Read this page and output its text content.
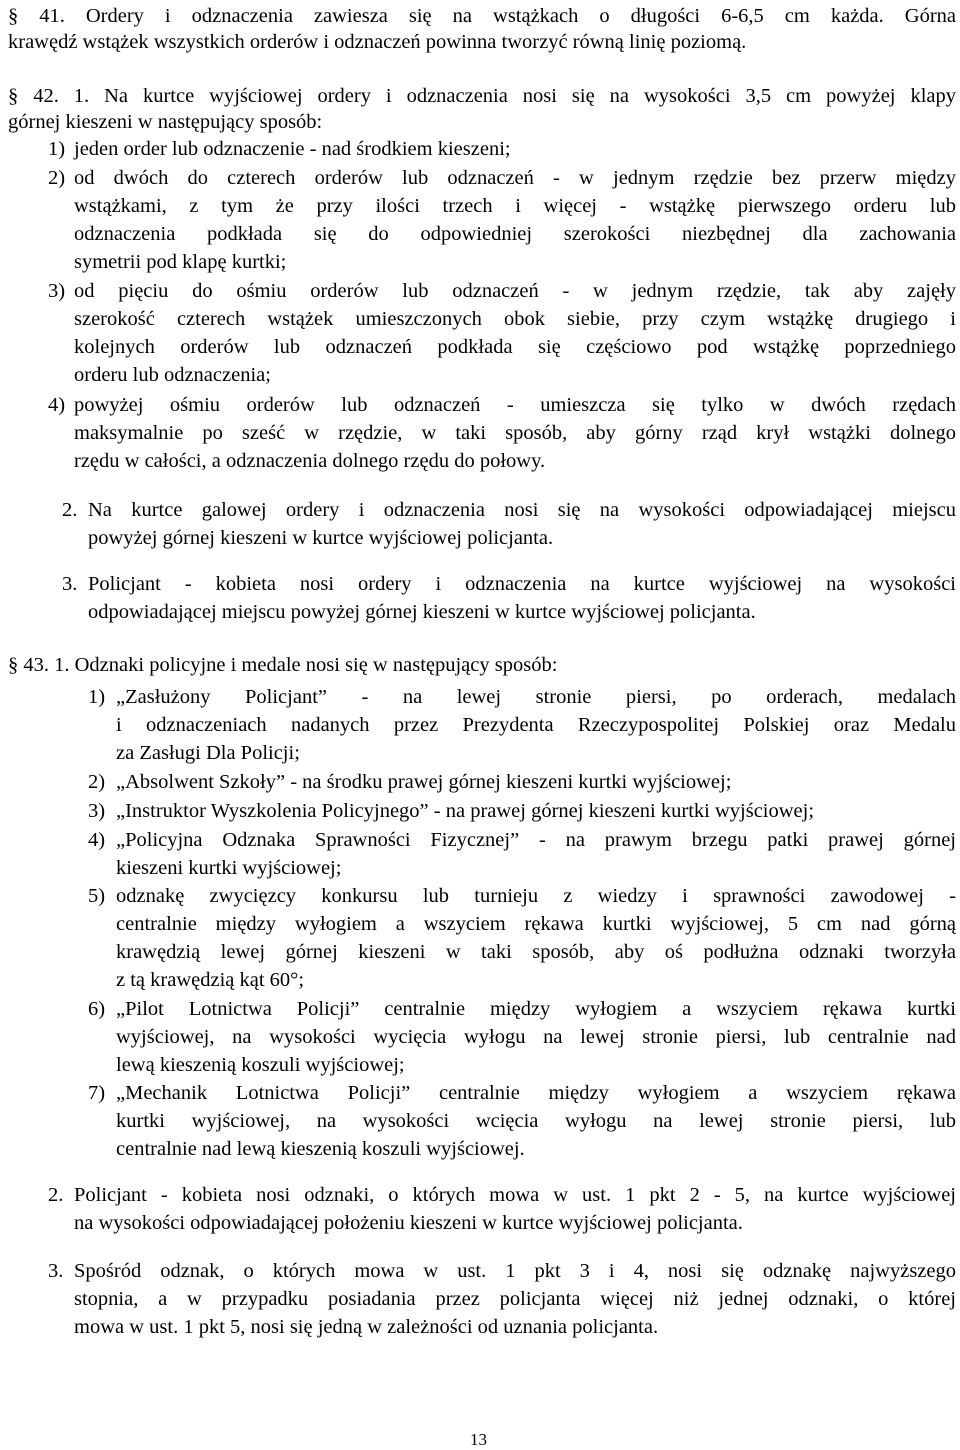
§ 41. Ordery i odznaczenia zawiesza się na wstążkach o długości 6-6,5 cm każda. Górna
krawędź wstążek wszystkich orderów i odznaczeń powinna tworzyć równą linię poziomą.
§ 42. 1. Na kurtce wyjściowej ordery i odznaczenia nosi się na wysokości 3,5 cm powyżej klapy
górnej kieszeni w następujący sposób:
1) jeden order lub odznaczenie - nad środkiem kieszeni;
2) od dwóch do czterech orderów lub odznaczeń - w jednym rzędzie bez przerw między
wstążkami, z tym że przy ilości trzech i więcej - wstążkę pierwszego orderu lub
odznaczenia podkłada się do odpowiedniej szerokości niezbędnej dla zachowania
symetrii pod klapę kurtki;
3) od pięciu do ośmiu orderów lub odznaczeń - w jednym rzędzie, tak aby zajęły
szerokość czterech wstążek umieszczonych obok siebie, przy czym wstążkę drugiego i
kolejnych orderów lub odznaczeń podkłada się częściowo pod wstążkę poprzedniego
orderu lub odznaczenia;
4) powyżej ośmiu orderów lub odznaczeń - umieszcza się tylko w dwóch rzędach
maksymalnie po sześć w rzędzie, w taki sposób, aby górny rząd krył wstążki dolnego
rzędu w całości, a odznaczenia dolnego rzędu do połowy.
2. Na kurtce galowej ordery i odznaczenia nosi się na wysokości odpowiadającej miejscu
powyżej górnej kieszeni w kurtce wyjściowej policjanta.
3. Policjant - kobieta nosi ordery i odznaczenia na kurtce wyjściowej na wysokości
odpowiadającej miejscu powyżej górnej kieszeni w kurtce wyjściowej policjanta.
§ 43. 1. Odznaki policyjne i medale nosi się w następujący sposób:
1) „Zasłużony Policjant” - na lewej stronie piersi, po orderach, medalach
i odznaczeniach nadanych przez Prezydenta Rzeczypospolitej Polskiej oraz Medalu
za Zasługi Dla Policji;
2) „Absolwent Szkoły” - na środku prawej górnej kieszeni kurtki wyjściowej;
3) „Instruktor Wyszkolenia Policyjnego” - na prawej górnej kieszeni kurtki wyjściowej;
4) „Policyjna Odznaka Sprawności Fizycznej” - na prawym brzegu patki prawej górnej
kieszeni kurtki wyjściowej;
5) odznakę zwycięzcy konkursu lub turnieju z wiedzy i sprawności zawodowej -
centralnie między wyłogiem a wszyciem rękawa kurtki wyjściowej, 5 cm nad górną
krawędzią lewej górnej kieszeni w taki sposób, aby oś podłużna odznaki tworzyła
z tą krawędzią kąt 60°;
6) „Pilot Lotnictwa Policji” centralnie między wyłogiem a wszyciem rękawa kurtki
wyjściowej, na wysokości wycięcia wyłogu na lewej stronie piersi, lub centralnie nad
lewą kieszenią koszuli wyjściowej;
7) „Mechanik Lotnictwa Policji” centralnie między wyłogiem a wszyciem rękawa
kurtki wyjściowej, na wysokości wcięcia wyłogu na lewej stronie piersi, lub
centralnie nad lewą kieszenią koszuli wyjściowej.
2. Policjant - kobieta nosi odznaki, o których mowa w ust. 1 pkt 2 - 5, na kurtce wyjściowej
na wysokości odpowiadającej położeniu kieszeni w kurtce wyjściowej policjanta.
3. Spośród odznak, o których mowa w ust. 1 pkt 3 i 4, nosi się odznakę najwyższego
stopnia, a w przypadku posiadania przez policjanta więcej niż jednej odznaki, o której
mowa w ust. 1 pkt 5, nosi się jedną w zależności od uznania policjanta.
13
